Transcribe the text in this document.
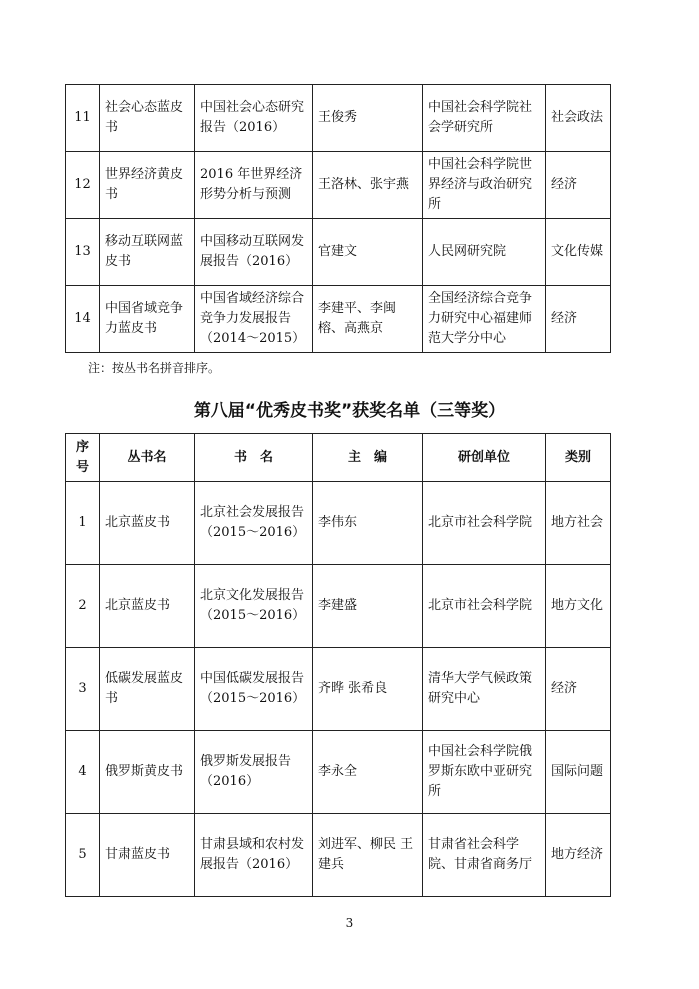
11	社会心态蓝皮书	中国社会心态研究报告（2016）	王俊秀	中国社会科学院社会学研究所	社会政法
12	世界经济黄皮书	2016 年世界经济形势分析与预测	王洛林、张宇燕	中国社会科学院世界经济与政治研究所	经济
13	移动互联网蓝皮书	中国移动互联网发展报告（2016）	官建文	人民网研究院	文化传媒
14	中国省域竞争力蓝皮书	中国省域经济综合竞争力发展报告（2014～2015）	李建平、李闽榕、高燕京	全国经济综合竞争力研究中心福建师范大学分中心	经济
注：按丛书名拼音排序。
第八届“优秀皮书奖”获奖名单（三等奖）
序号	丛书名	书　名	主　编	研创单位	类别
1	北京蓝皮书	北京社会发展报告（2015～2016）	李伟东	北京市社会科学院	地方社会
2	北京蓝皮书	北京文化发展报告（2015～2016）	李建盛	北京市社会科学院	地方文化
3	低碳发展蓝皮书	中国低碳发展报告（2015～2016）	齐晔 张希良	清华大学气候政策研究中心	经济
4	俄罗斯黄皮书	俄罗斯发展报告（2016）	李永全	中国社会科学院俄罗斯东欧中亚研究所	国际问题
5	甘肃蓝皮书	甘肃县域和农村发展报告（2016）	刘进军、柳民 王建兵	甘肃省社会科学院、甘肃省商务厅	地方经济
3
